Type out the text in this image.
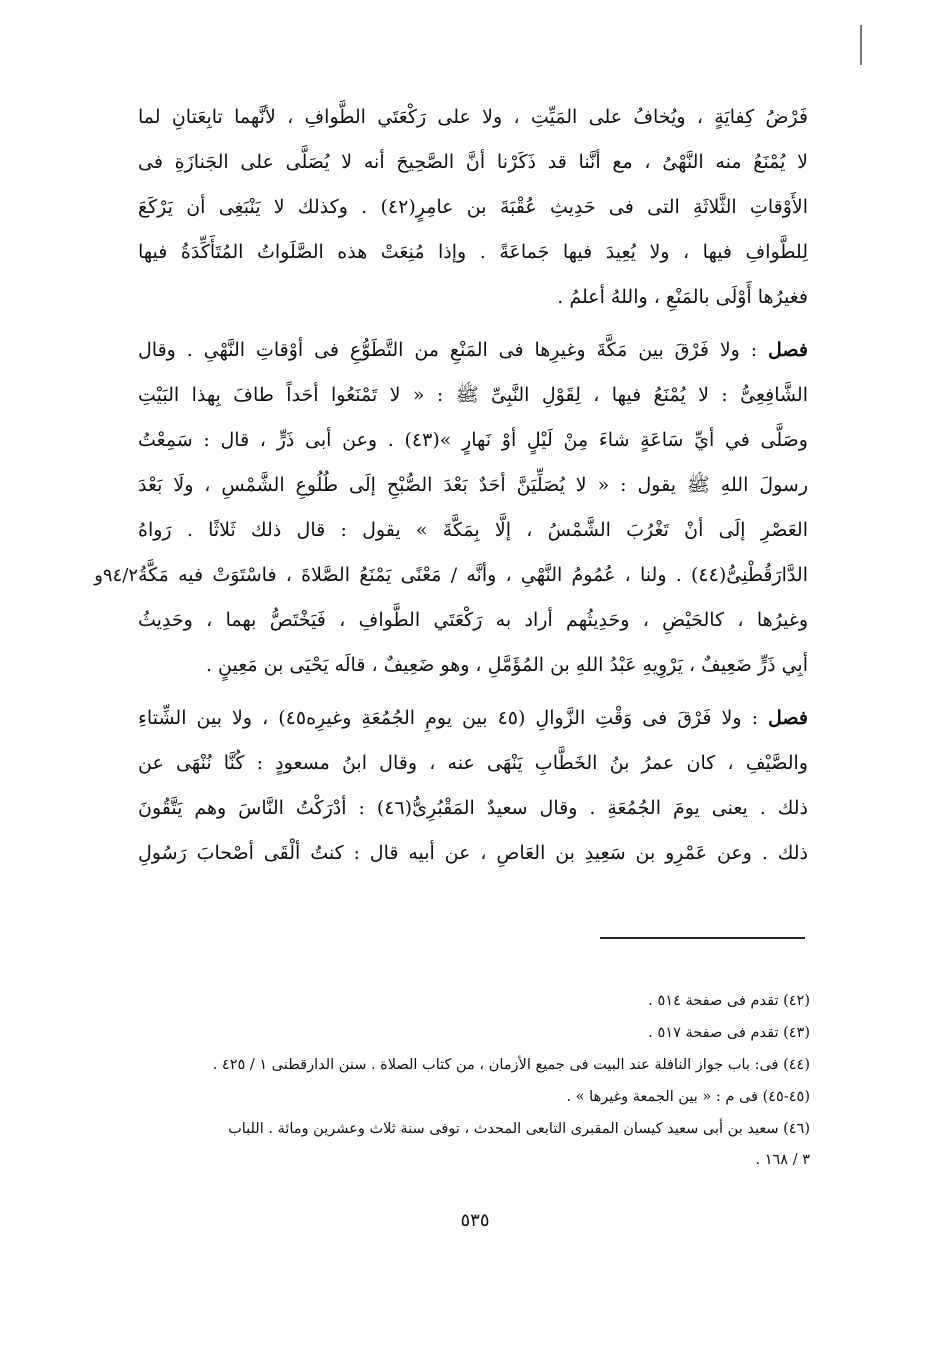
فَرْضُ كِفايَةٍ ، ويُخافُ على المَيِّتِ ، ولا على رَكْعَتَي الطَّوافِ ، لأنَّهما تابِعَتانِ لما
لا يُمْنَعُ منه النَّهْىُ ، مع أنَّنا قد ذَكَرْنا أنَّ الصَّحِيحَ أنه لا يُصَلَّى على الجَنازَةِ فى
الأَوْقاتِ الثَّلاثَةِ التى فى حَدِيثِ عُقْبَةَ بن عامِرٍ(٤٢) . وكذلك لا يَنْبَغِى أن يَرْكَعَ
لِلطَّوافِ فيها ، ولا يُعِيدَ فيها جَماعَةً . وإذا مُنِعَتْ هذه الصَّلَواتُ المُتَأَكِّدَةُ فيها
فغيرُها أَوْلَى بالمَنْعِ ، واللهُ أعلمُ .
فصل : ولا فَرْقَ بين مَكَّةَ وغيرِها فى المَنْعِ من التَّطَوُّعِ فى أوْقاتِ النَّهْىِ . وقال
الشَّافِعِىُّ : لا يُمْنَعُ فيها ، لِقَوْلِ النَّبِىِّ ﷺ : « لا تَمْنَعُوا أحَداً طافَ بِهذا البَيْتِ
وصَلَّى في أيِّ سَاعَةٍ شاءَ مِنْ لَيْلٍ أوْ نَهارٍ »(٤٣) . وعن أبى ذَرٍّ ، قال : سَمِعْتُ
رسولَ اللهِ ﷺ يقول : « لا يُصَلِّيَنَّ أحَدٌ بَعْدَ الصُّبْحِ إلَى طُلُوعِ الشَّمْسِ ، ولَا بَعْدَ
العَصْرِ إلَى أنْ تَغْرُبَ الشَّمْسُ ، إلَّا بِمَكَّةَ » يقول : قال ذلك ثَلاثًا . رَواهُ
الدَّارَقُطْنِىُّ(٤٤) . ولنا ، عُمُومُ النَّهْىِ ، وأنَّه / مَعْنًى يَمْنَعُ الصَّلاةَ ، فاسْتَوَتْ فيه مَكَّةُ
وغيرُها ، كالحَيْضِ ، وحَدِيثُهم أراد به رَكْعَتَي الطَّوافِ ، فَيَخْتَصُّ بهما ، وحَدِيثُ
أبِي ذَرٍّ ضَعِيفٌ ، يَرْوِيهِ عَبْدُ اللهِ بن المُؤَمَّلِ ، وهو ضَعِيفٌ ، قالَه يَحْيَى بن مَعِينٍ .
فصل : ولا فَرْقَ فى وَقْتِ الزَّوالِ (٤٥ بين يومِ الجُمُعَةِ وغيرِه٤٥) ، ولا بين الشِّتاءِ
والصَّيْفِ ، كان عمرُ بنُ الخَطَّابِ يَنْهَى عنه ، وقال ابنُ مسعودٍ : كُنَّا نُنْهَى عن
ذلك . يعنى يومَ الجُمُعَةِ . وقال سعيدٌ المَقْبُرِىُّ(٤٦) : أدْرَكْتُ النَّاسَ وهم يَتَّقُونَ
ذلك . وعن عَمْرِو بن سَعِيدِ بن العَاصِ ، عن أبيه قال : كنتُ ألْقَى أصْحابَ رَسُولِ
٩٤/٢و
(٤٢) تقدم فى صفحة ٥١٤ .
(٤٣) تقدم فى صفحة ٥١٧ .
(٤٤) فى: باب جواز النافلة عند البيت فى جميع الأزمان ، من كتاب الصلاة . سنن الدارقطنى ١ / ٤٢٥ .
(٤٥-٤٥) فى م : « بين الجمعة وغيرها » .
(٤٦) سعيد بن أبى سعيد كيسان المقبرى التابعى المحدث ، توفى سنة ثلاث وعشرين ومائة . اللباب
٣ / ١٦٨ .
٥٣٥
